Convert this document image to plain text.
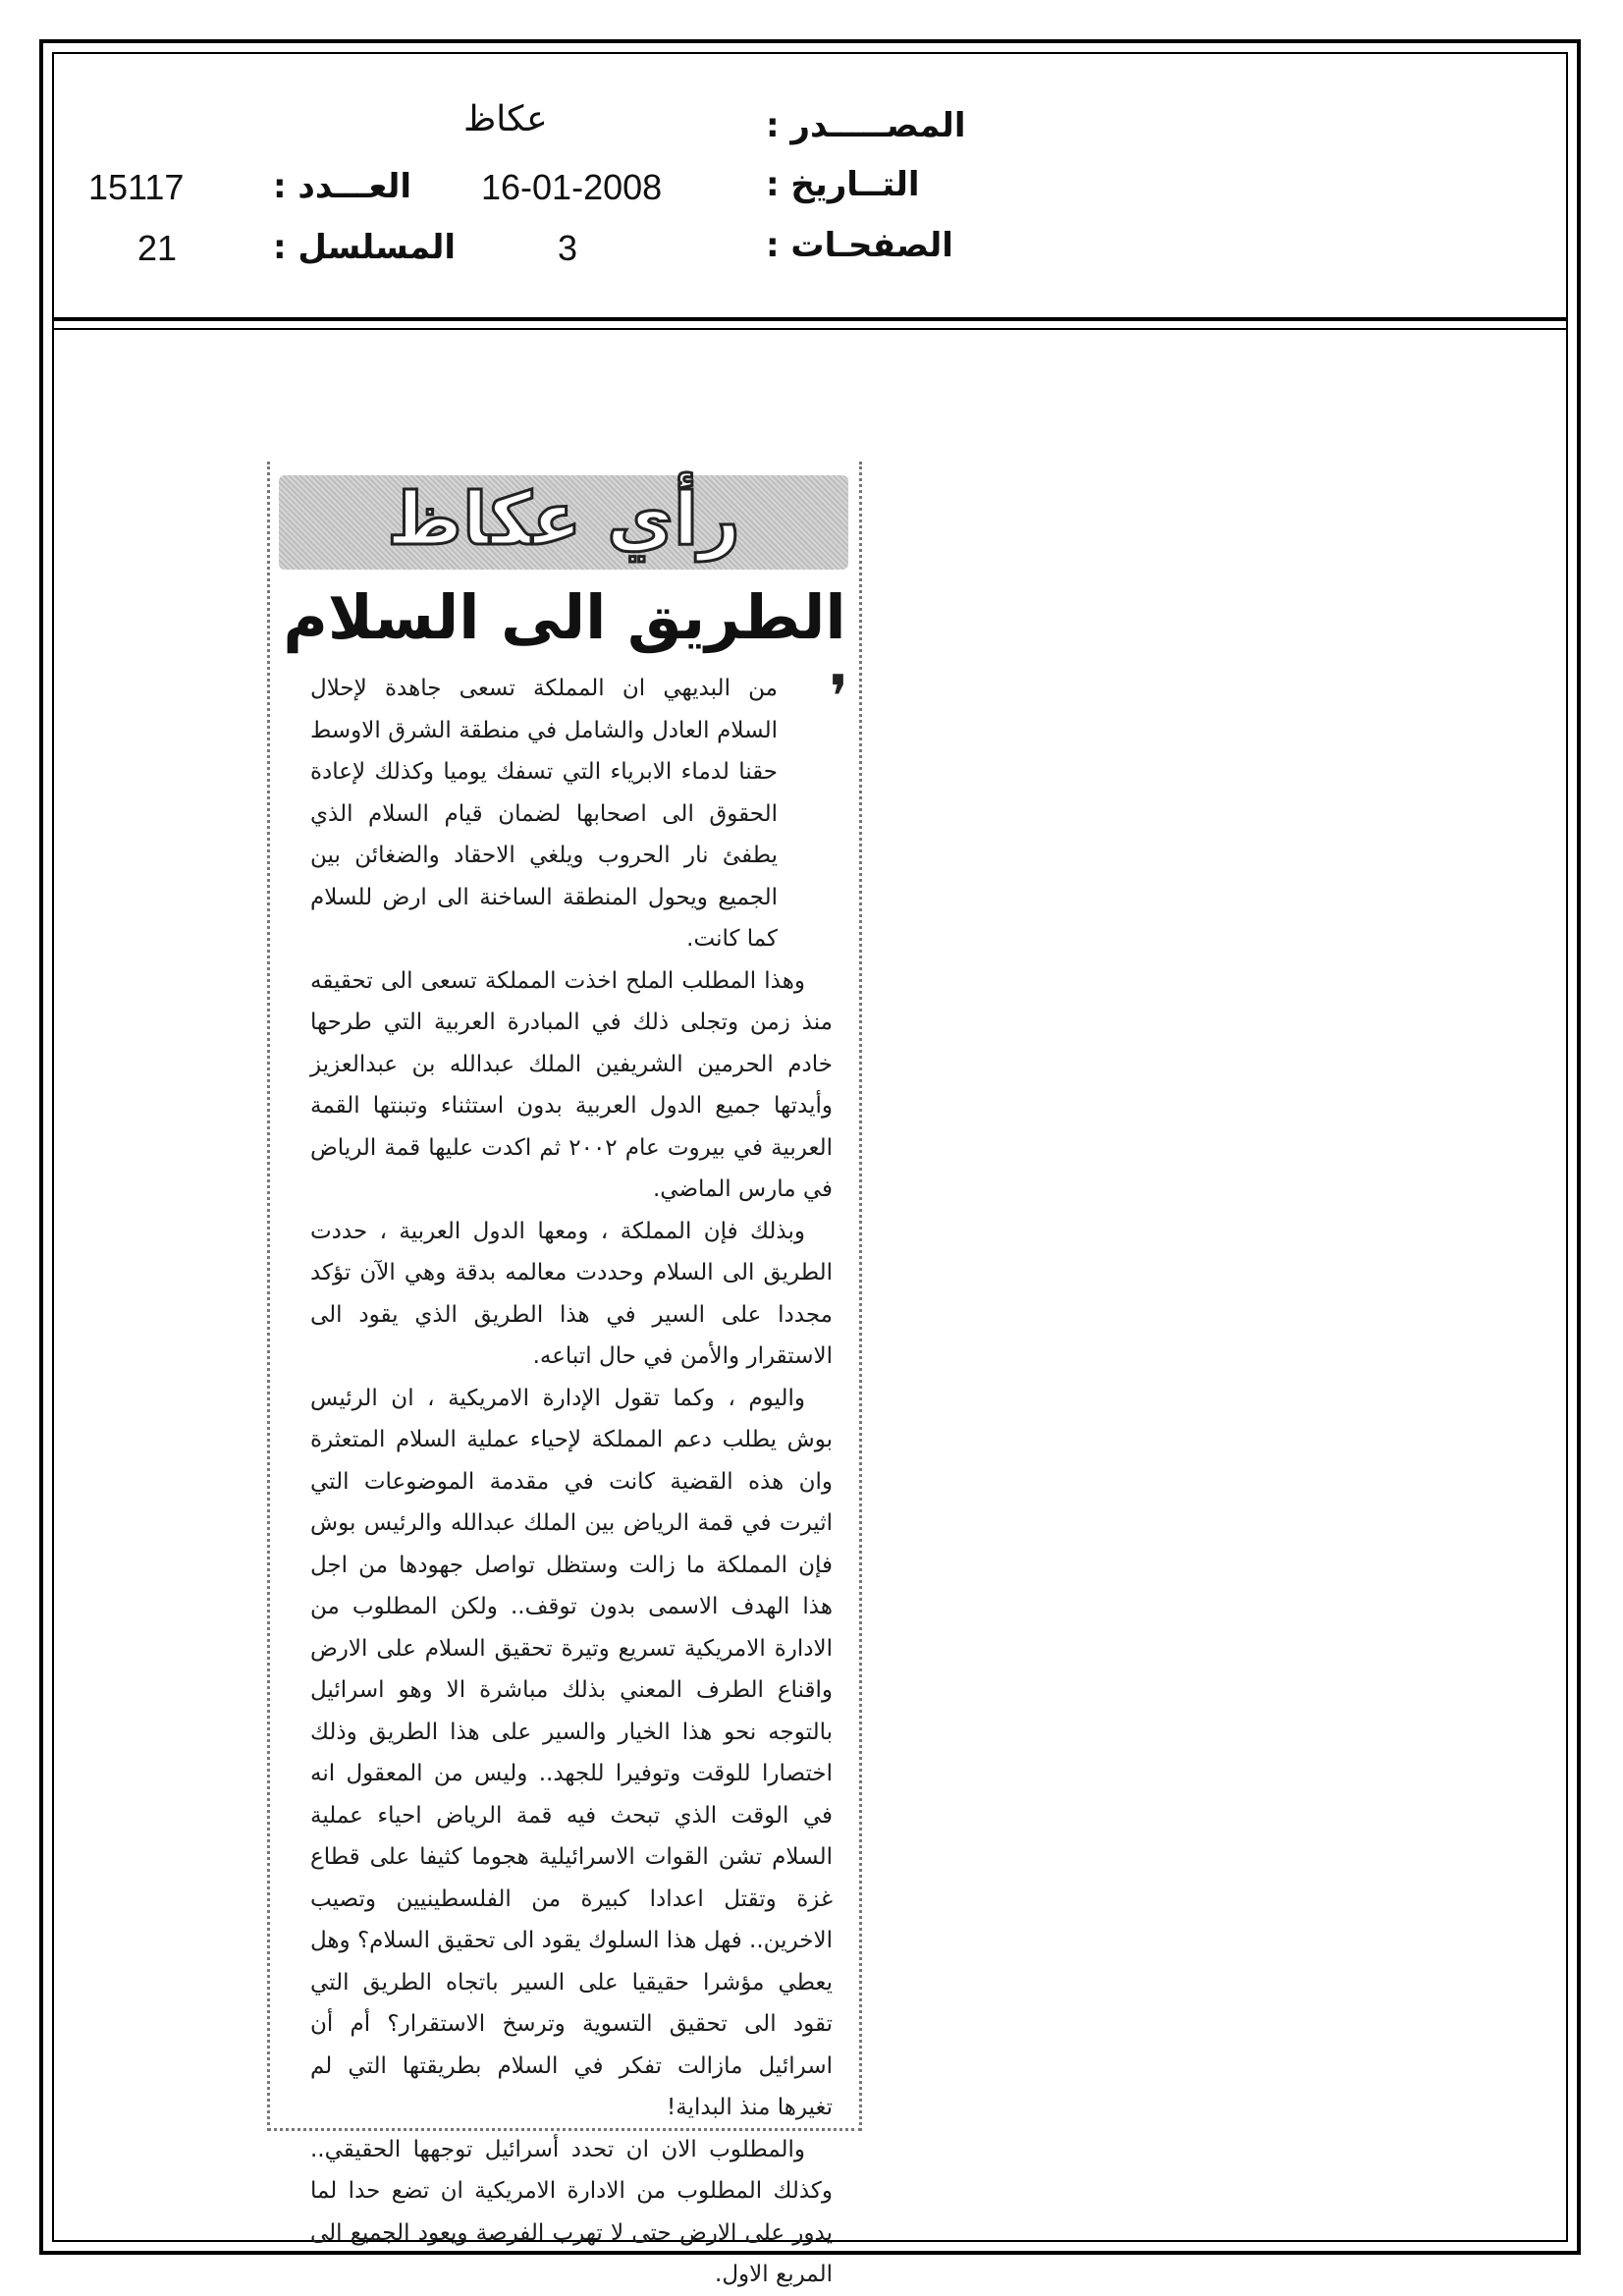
المصـــــدر :
عكاظ
التــاريخ :
16-01-2008
الصفحـات :
3
العـــدد :
15117
المسلسل :
21
رأي عكاظ
الطريق الى السلام
❜

من البديهي ان المملكة تسعى جاهدة لإحلال السلام العادل والشامل في منطقة الشرق الاوسط حقنا لدماء الابرياء التي تسفك يوميا وكذلك لإعادة الحقوق الى اصحابها لضمان قيام السلام الذي يطفئ نار الحروب ويلغي الاحقاد والضغائن بين الجميع ويحول المنطقة الساخنة الى ارض للسلام كما كانت.

وهذا المطلب الملح اخذت المملكة تسعى الى تحقيقه منذ زمن وتجلى ذلك في المبادرة العربية التي طرحها خادم الحرمين الشريفين الملك عبدالله بن عبدالعزيز وأيدتها جميع الدول العربية بدون استثناء وتبنتها القمة العربية في بيروت عام ٢٠٠٢ ثم اكدت عليها قمة الرياض في مارس الماضي.

وبذلك فإن المملكة ، ومعها الدول العربية ، حددت الطريق الى السلام وحددت معالمه بدقة وهي الآن تؤكد مجددا على السير في هذا الطريق الذي يقود الى الاستقرار والأمن في حال اتباعه.

واليوم ، وكما تقول الإدارة الامريكية ، ان الرئيس بوش يطلب دعم المملكة لإحياء عملية السلام المتعثرة وان هذه القضية كانت في مقدمة الموضوعات التي اثيرت في قمة الرياض بين الملك عبدالله والرئيس بوش فإن المملكة ما زالت وستظل تواصل جهودها من اجل هذا الهدف الاسمى بدون توقف.. ولكن المطلوب من الادارة الامريكية تسريع وتيرة تحقيق السلام على الارض واقناع الطرف المعني بذلك مباشرة الا وهو اسرائيل بالتوجه نحو هذا الخيار والسير على هذا الطريق وذلك اختصارا للوقت وتوفيرا للجهد.. وليس من المعقول انه في الوقت الذي تبحث فيه قمة الرياض احياء عملية السلام تشن القوات الاسرائيلية هجوما كثيفا على قطاع غزة وتقتل اعدادا كبيرة من الفلسطينيين وتصيب الاخرين.. فهل هذا السلوك يقود الى تحقيق السلام؟ وهل يعطي مؤشرا حقيقيا على السير باتجاه الطريق التي تقود الى تحقيق التسوية وترسخ الاستقرار؟ أم أن اسرائيل مازالت تفكر في السلام بطريقتها التي لم تغيرها منذ البداية!

والمطلوب الان ان تحدد أسرائيل توجهها الحقيقي.. وكذلك المطلوب من الادارة الامريكية ان تضع حدا لما يدور على الارض حتى لا تهرب الفرصة ويعود الجميع الى المربع الاول.
